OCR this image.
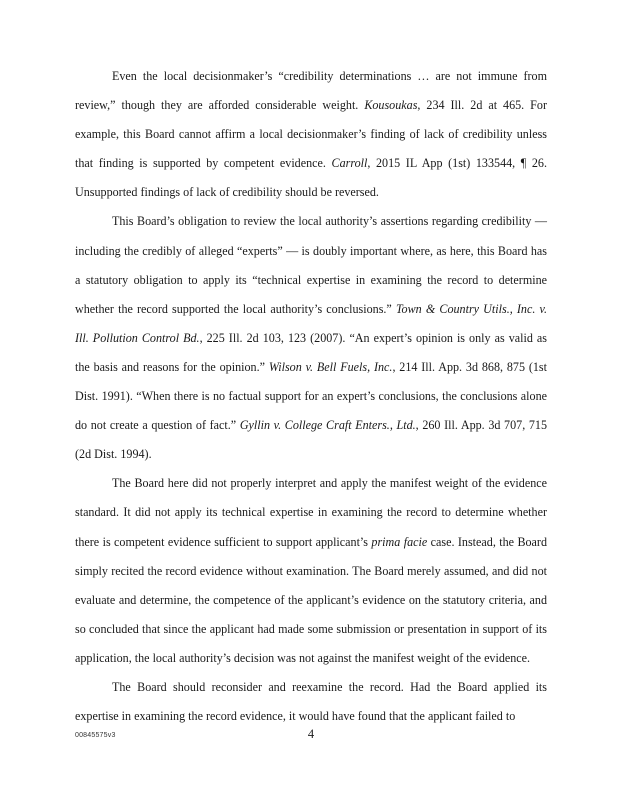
Even the local decisionmaker’s “credibility determinations … are not immune from review,” though they are afforded considerable weight. Kousoukas, 234 Ill. 2d at 465. For example, this Board cannot affirm a local decisionmaker’s finding of lack of credibility unless that finding is supported by competent evidence. Carroll, 2015 IL App (1st) 133544, ¶ 26. Unsupported findings of lack of credibility should be reversed.

This Board’s obligation to review the local authority’s assertions regarding credibility — including the credibly of alleged “experts” — is doubly important where, as here, this Board has a statutory obligation to apply its “technical expertise in examining the record to determine whether the record supported the local authority’s conclusions.” Town & Country Utils., Inc. v. Ill. Pollution Control Bd., 225 Ill. 2d 103, 123 (2007). “An expert’s opinion is only as valid as the basis and reasons for the opinion.” Wilson v. Bell Fuels, Inc., 214 Ill. App. 3d 868, 875 (1st Dist. 1991). “When there is no factual support for an expert’s conclusions, the conclusions alone do not create a question of fact.” Gyllin v. College Craft Enters., Ltd., 260 Ill. App. 3d 707, 715 (2d Dist. 1994).

The Board here did not properly interpret and apply the manifest weight of the evidence standard. It did not apply its technical expertise in examining the record to determine whether there is competent evidence sufficient to support applicant’s prima facie case. Instead, the Board simply recited the record evidence without examination. The Board merely assumed, and did not evaluate and determine, the competence of the applicant’s evidence on the statutory criteria, and so concluded that since the applicant had made some submission or presentation in support of its application, the local authority’s decision was not against the manifest weight of the evidence.

The Board should reconsider and reexamine the record. Had the Board applied its expertise in examining the record evidence, it would have found that the applicant failed to

00845575v3	4
